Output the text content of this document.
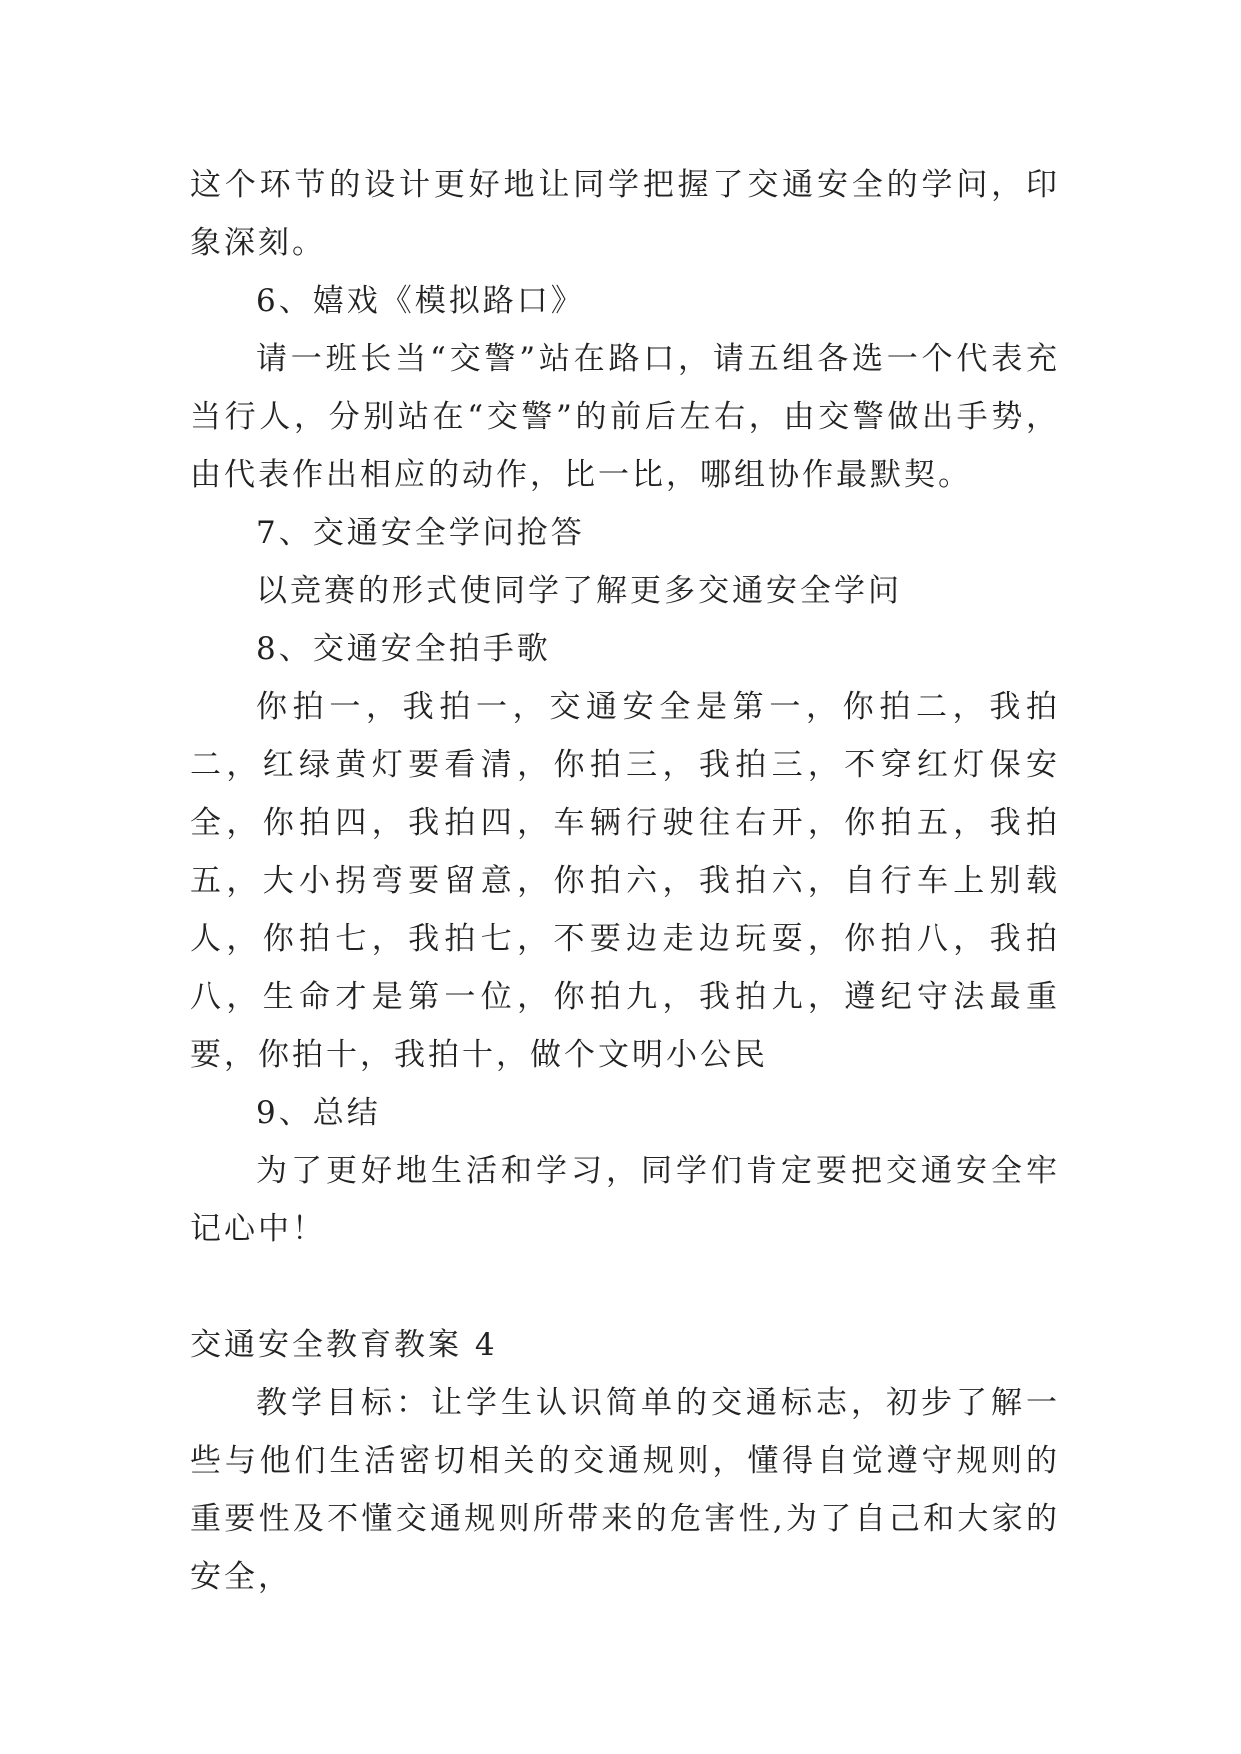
这个环节的设计更好地让同学把握了交通安全的学问，印象深刻。

6、嬉戏《模拟路口》

请一班长当“交警”站在路口，请五组各选一个代表充当行人，分别站在“交警”的前后左右，由交警做出手势，由代表作出相应的动作，比一比，哪组协作最默契。

7、交通安全学问抢答

以竞赛的形式使同学了解更多交通安全学问

8、交通安全拍手歌

你拍一，我拍一，交通安全是第一，你拍二，我拍二，红绿黄灯要看清，你拍三，我拍三，不穿红灯保安全，你拍四，我拍四，车辆行驶往右开，你拍五，我拍五，大小拐弯要留意，你拍六，我拍六，自行车上别载人，你拍七，我拍七，不要边走边玩耍，你拍八，我拍八，生命才是第一位，你拍九，我拍九，遵纪守法最重要，你拍十，我拍十，做个文明小公民

9、总结

为了更好地生活和学习，同学们肯定要把交通安全牢记心中！

交通安全教育教案 4

教学目标：让学生认识简单的交通标志，初步了解一些与他们生活密切相关的交通规则，懂得自觉遵守规则的重要性及不懂交通规则所带来的危害性,为了自己和大家的安全，
